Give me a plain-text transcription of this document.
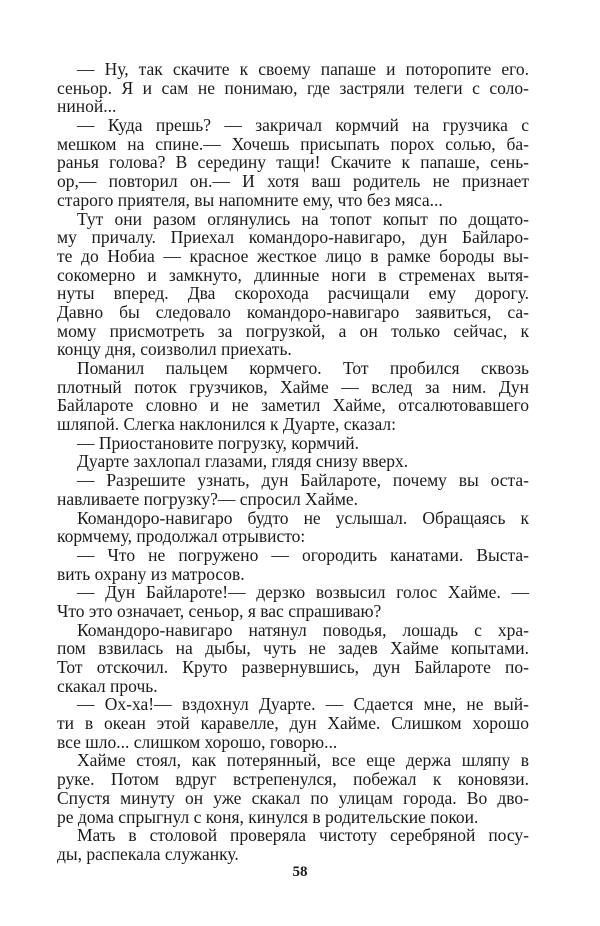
— Ну, так скачите к своему папаше и поторопите его.
сеньор. Я и сам не понимаю, где застряли телеги с соло-
ниной...
— Куда прешь? — закричал кормчий на грузчика с
мешком на спине.— Хочешь присыпать порох солью, ба-
ранья голова? В середину тащи! Скачите к папаше, сень-
ор,— повторил он.— И хотя ваш родитель не признает
старого приятеля, вы напомните ему, что без мяса...
Тут они разом оглянулись на топот копыт по дощато-
му причалу. Приехал командоро-навигаро, дун Байларо-
те до Нобиа — красное жесткое лицо в рамке бороды вы-
сокомерно и замкнуто, длинные ноги в стременах вытя-
нуты вперед. Два скорохода расчищали ему дорогу.
Давно бы следовало командоро-навигаро заявиться, са-
мому присмотреть за погрузкой, а он только сейчас, к
концу дня, соизволил приехать.
Поманил пальцем кормчего. Тот пробился сквозь
плотный поток грузчиков, Хайме — вслед за ним. Дун
Байлароте словно и не заметил Хайме, отсалютовавшего
шляпой. Слегка наклонился к Дуарте, сказал:
— Приостановите погрузку, кормчий.
Дуарте захлопал глазами, глядя снизу вверх.
— Разрешите узнать, дун Байлароте, почему вы оста-
навливаете погрузку?— спросил Хайме.
Командоро-навигаро будто не услышал. Обращаясь к
кормчему, продолжал отрывисто:
— Что не погружено — огородить канатами. Выста-
вить охрану из матросов.
— Дун Байлароте!— дерзко возвысил голос Хайме. —
Что это означает, сеньор, я вас спрашиваю?
Командоро-навигаро натянул поводья, лошадь с хра-
пом взвилась на дыбы, чуть не задев Хайме копытами.
Тот отскочил. Круто развернувшись, дун Байлароте по-
скакал прочь.
— Ох-ха!— вздохнул Дуарте. — Сдается мне, не вый-
ти в океан этой каравелле, дун Хайме. Слишком хорошо
все шло... слишком хорошо, говорю...
Хайме стоял, как потерянный, все еще держа шляпу в
руке. Потом вдруг встрепенулся, побежал к коновязи.
Спустя минуту он уже скакал по улицам города. Во дво-
ре дома спрыгнул с коня, кинулся в родительские покои.
Мать в столовой проверяла чистоту серебряной посу-
ды, распекала служанку.
58
